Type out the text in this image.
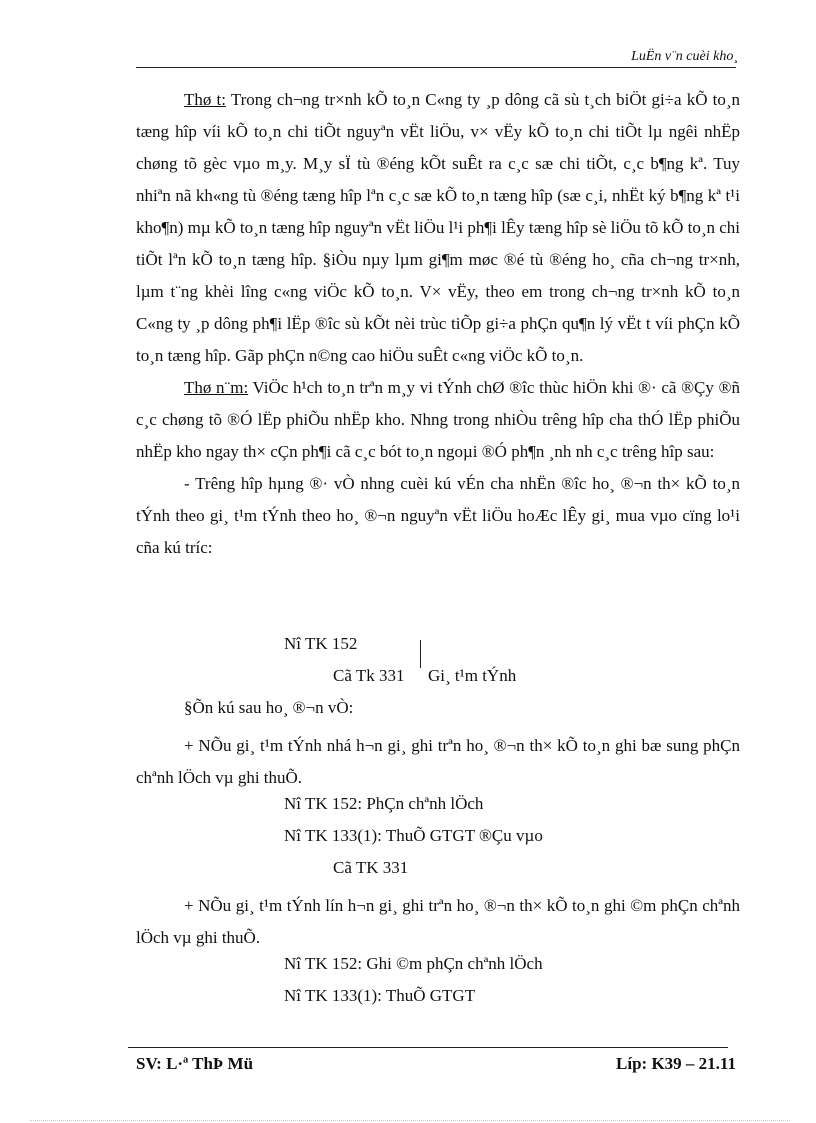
LuËn v¨n cuèi kho¸

Thø t: Trong ch¬ng tr×nh kÕ to¸n C«ng ty ¸p dông cã sù t¸ch biÖt gi÷a kÕ to¸n tæng hîp víi kÕ to¸n chi tiÕt nguyªn vËt liÖu, v× vËy kÕ to¸n chi tiÕt lµ ngêi nhËp chøng tõ gèc vµo m¸y. M¸y sÏ tù ®éng kÕt suÊt ra c¸c sæ chi tiÕt, c¸c b¶ng kª. Tuy nhiªn nã kh«ng tù ®éng tæng hîp lªn c¸c sæ kÕ to¸n tæng hîp (sæ c¸i, nhËt ký b¶ng kª t¹i kho¶n) mµ kÕ to¸n tæng hîp nguyªn vËt liÖu l¹i ph¶i lÊy tæng hîp sè liÖu tõ kÕ to¸n chi tiÕt lªn kÕ to¸n tæng hîp. §iÒu nµy lµm gi¶m møc ®é tù ®éng ho¸ cña ch¬ng tr×nh, lµm t¨ng khèi lîng c«ng viÖc kÕ to¸n. V× vËy, theo em trong ch¬ng tr×nh kÕ to¸n C«ng ty ¸p dông ph¶i lËp ®îc sù kÕt nèi trùc tiÕp gi÷a phÇn qu¶n lý vËt t víi phÇn kÕ to¸n tæng hîp. Gãp phÇn n©ng cao hiÖu suÊt c«ng viÖc kÕ to¸n.

Thø n¨m: ViÖc h¹ch to¸n trªn m¸y vi tÝnh chØ ®îc thùc hiÖn khi ®· cã ®Çy ®ñ c¸c chøng tõ ®Ó lËp phiÕu nhËp kho. Nhng trong nhiÒu trêng hîp cha thÓ lËp phiÕu nhËp kho ngay th× cÇn ph¶i cã c¸c bót to¸n ngoµi ®Ó ph¶n ¸nh nh c¸c trêng hîp sau:

- Trêng hîp hµng ®· vÒ nhng cuèi kú vÉn cha nhËn ®îc ho¸ ®¬n th× kÕ to¸n tÝnh theo gi¸ t¹m tÝnh theo ho¸ ®¬n nguyªn vËt liÖu hoÆc lÊy gi¸ mua vµo cïng lo¹i cña kú tríc:

Nî TK 152
Cã Tk 331 Gi¸ t¹m tÝnh
§Õn kú sau ho¸ ®¬n vÒ:

+ NÕu gi¸ t¹m tÝnh nhá h¬n gi¸ ghi trªn ho¸ ®¬n th× kÕ to¸n ghi bæ sung phÇn chªnh lÖch vµ ghi thuÕ.

Nî TK 152: PhÇn chªnh lÖch
Nî TK 133(1): ThuÕ GTGT ®Çu vµo
Cã TK 331

+ NÕu gi¸ t¹m tÝnh lín h¬n gi¸ ghi trªn ho¸ ®¬n th× kÕ to¸n ghi ©m phÇn chªnh lÖch vµ ghi thuÕ.

Nî TK 152: Ghi ©m phÇn chªnh lÖch
Nî TK 133(1): ThuÕ GTGT
SV: L·ª ThÞ Mü	Líp: K39 – 21.11
